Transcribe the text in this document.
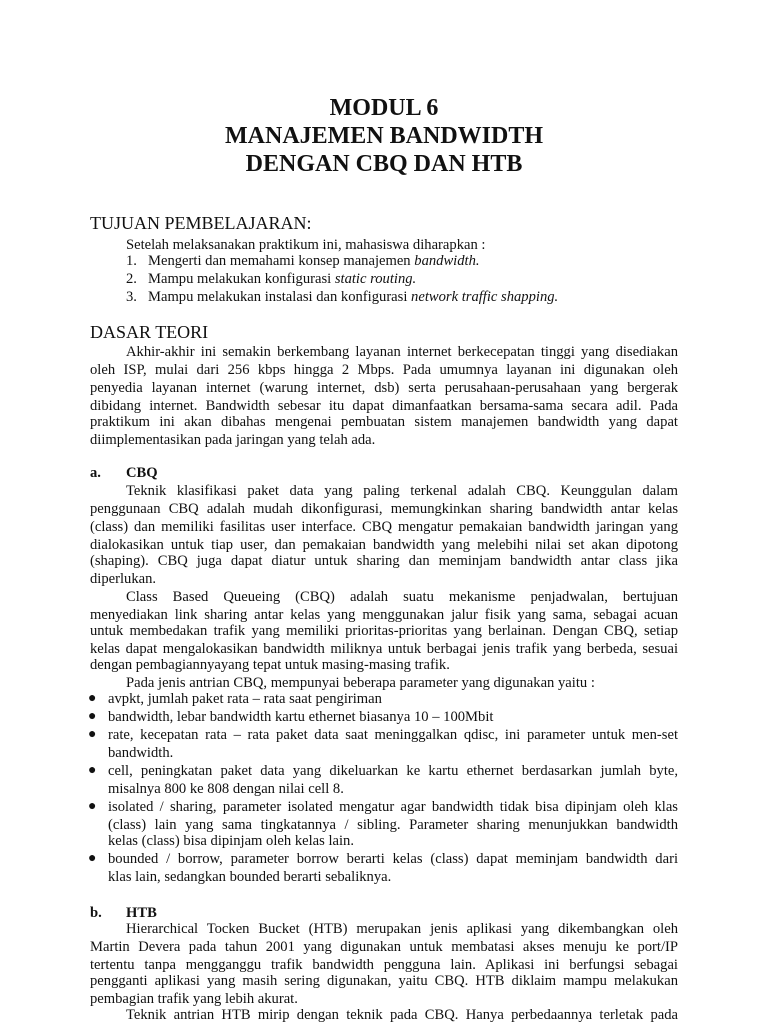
MODUL 6
MANAJEMEN BANDWIDTH
DENGAN CBQ DAN HTB
TUJUAN PEMBELAJARAN:
Setelah melaksanakan praktikum ini, mahasiswa diharapkan :
1. Mengerti dan memahami konsep manajemen bandwidth.
2. Mampu melakukan konfigurasi static routing.
3. Mampu melakukan instalasi dan konfigurasi network traffic shapping.
DASAR TEORI
Akhir-akhir ini semakin berkembang layanan internet berkecepatan tinggi yang disediakan
oleh ISP, mulai dari 256 kbps hingga 2 Mbps. Pada umumnya layanan ini digunakan oleh
penyedia layanan internet (warung internet, dsb) serta perusahaan-perusahaan yang bergerak
dibidang internet. Bandwidth sebesar itu dapat dimanfaatkan bersama-sama secara adil. Pada
praktikum ini akan dibahas mengenai pembuatan sistem manajemen bandwidth yang dapat
diimplementasikan pada jaringan yang telah ada.
a. CBQ
Teknik klasifikasi paket data yang paling terkenal adalah CBQ. Keunggulan dalam
penggunaan CBQ adalah mudah dikonfigurasi, memungkinkan sharing bandwidth antar kelas
(class) dan memiliki fasilitas user interface. CBQ mengatur pemakaian bandwidth jaringan yang
dialokasikan untuk tiap user, dan pemakaian bandwidth yang melebihi nilai set akan dipotong
(shaping). CBQ juga dapat diatur untuk sharing dan meminjam bandwidth antar class jika
diperlukan.
Class Based Queueing (CBQ) adalah suatu mekanisme penjadwalan, bertujuan
menyediakan link sharing antar kelas yang menggunakan jalur fisik yang sama, sebagai acuan
untuk membedakan trafik yang memiliki prioritas-prioritas yang berlainan. Dengan CBQ, setiap
kelas dapat mengalokasikan bandwidth miliknya untuk berbagai jenis trafik yang berbeda, sesuai
dengan pembagiannyayang tepat untuk masing-masing trafik.
Pada jenis antrian CBQ, mempunyai beberapa parameter yang digunakan yaitu :
● avpkt, jumlah paket rata – rata saat pengiriman
● bandwidth, lebar bandwidth kartu ethernet biasanya 10 – 100Mbit
● rate, kecepatan rata – rata paket data saat meninggalkan qdisc, ini parameter untuk men-set
bandwidth.
● cell, peningkatan paket data yang dikeluarkan ke kartu ethernet berdasarkan jumlah byte,
misalnya 800 ke 808 dengan nilai cell 8.
● isolated / sharing, parameter isolated mengatur agar bandwidth tidak bisa dipinjam oleh klas
(class) lain yang sama tingkatannya / sibling. Parameter sharing menunjukkan bandwidth
kelas (class) bisa dipinjam oleh kelas lain.
● bounded / borrow, parameter borrow berarti kelas (class) dapat meminjam bandwidth dari
klas lain, sedangkan bounded berarti sebaliknya.
b. HTB
Hierarchical Tocken Bucket (HTB) merupakan jenis aplikasi yang dikembangkan oleh
Martin Devera pada tahun 2001 yang digunakan untuk membatasi akses menuju ke port/IP
tertentu tanpa mengganggu trafik bandwidth pengguna lain. Aplikasi ini berfungsi sebagai
pengganti aplikasi yang masih sering digunakan, yaitu CBQ. HTB diklaim mampu melakukan
pembagian trafik yang lebih akurat.
Teknik antrian HTB mirip dengan teknik pada CBQ. Hanya perbedaannya terletak pada
